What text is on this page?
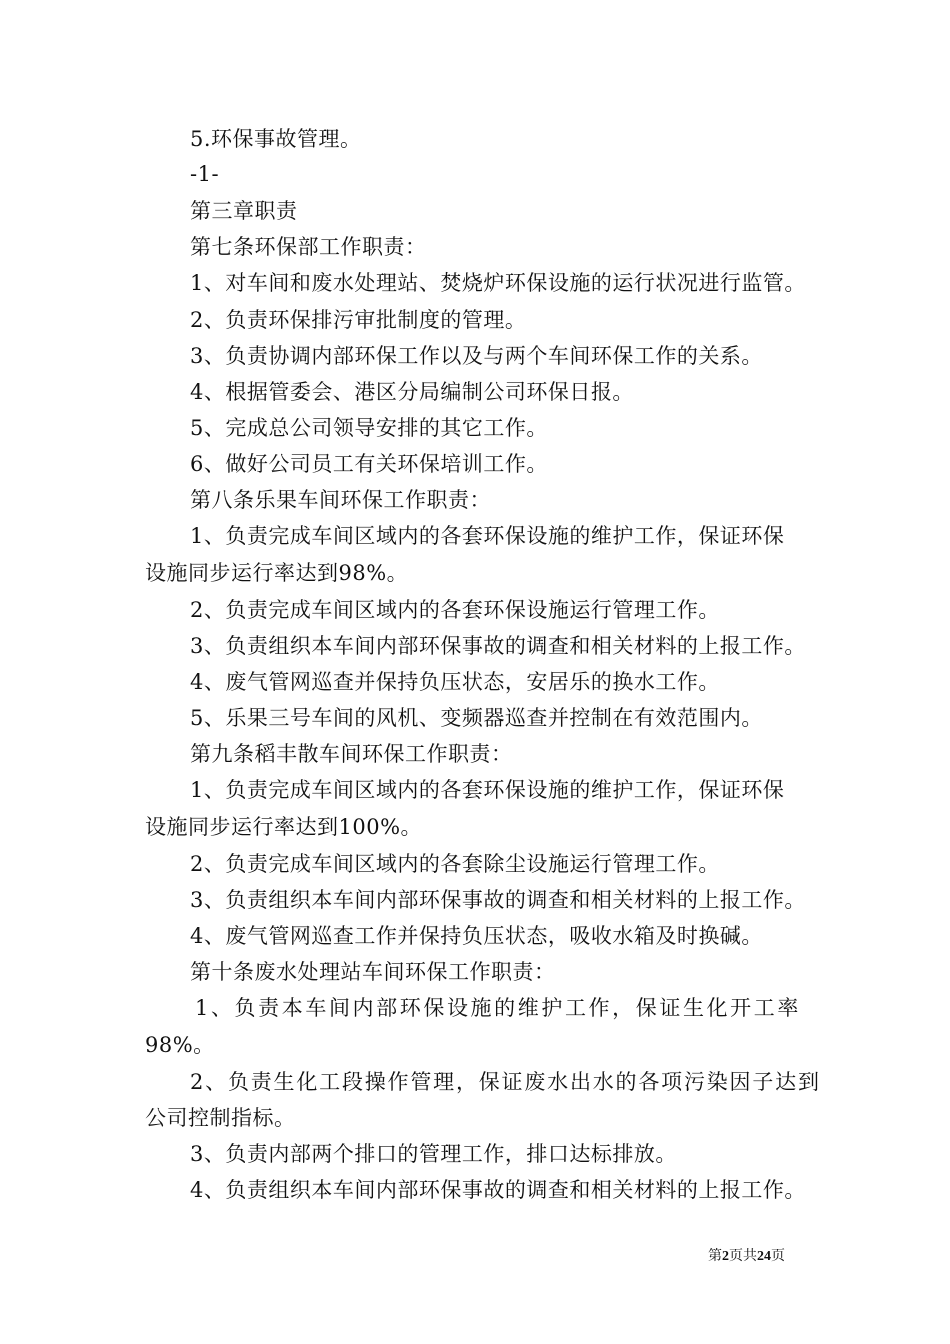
5.环保事故管理。
-1-
第三章职责
第七条环保部工作职责：
1、对车间和废水处理站、焚烧炉环保设施的运行状况进行监管。
2、负责环保排污审批制度的管理。
3、负责协调内部环保工作以及与两个车间环保工作的关系。
4、根据管委会、港区分局编制公司环保日报。
5、完成总公司领导安排的其它工作。
6、做好公司员工有关环保培训工作。
第八条乐果车间环保工作职责：
1、负责完成车间区域内的各套环保设施的维护工作，保证环保
设施同步运行率达到98%。
2、负责完成车间区域内的各套环保设施运行管理工作。
3、负责组织本车间内部环保事故的调查和相关材料的上报工作。
4、废气管网巡查并保持负压状态，安居乐的换水工作。
5、乐果三号车间的风机、变频器巡查并控制在有效范围内。
第九条稻丰散车间环保工作职责：
1、负责完成车间区域内的各套环保设施的维护工作，保证环保
设施同步运行率达到100%。
2、负责完成车间区域内的各套除尘设施运行管理工作。
3、负责组织本车间内部环保事故的调查和相关材料的上报工作。
4、废气管网巡查工作并保持负压状态，吸收水箱及时换碱。
第十条废水处理站车间环保工作职责：
1、负责本车间内部环保设施的维护工作，保证生化开工率
98%。
2、负责生化工段操作管理，保证废水出水的各项污染因子达到
公司控制指标。
3、负责内部两个排口的管理工作，排口达标排放。
4、负责组织本车间内部环保事故的调查和相关材料的上报工作。
第2页共24页
